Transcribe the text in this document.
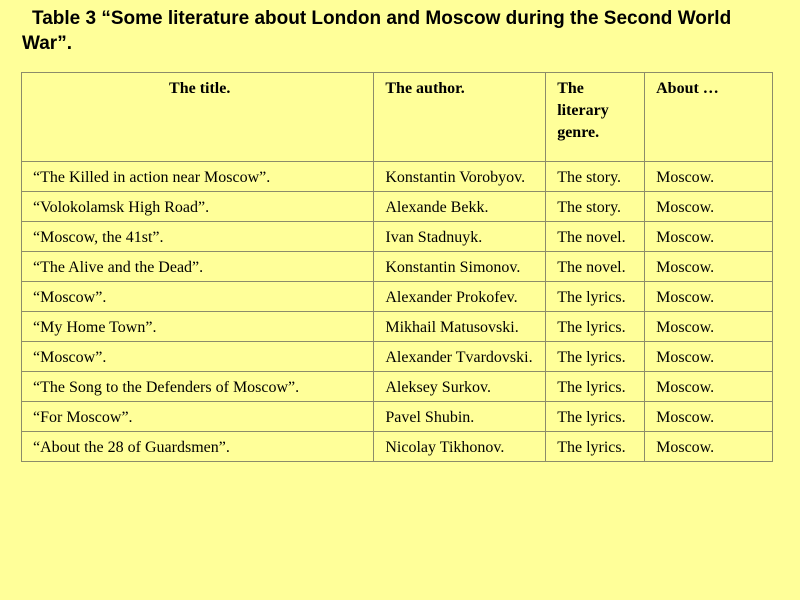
Table 3 “Some literature about London and Moscow during the Second World War”.
The title.	The author.	The literary genre.	About …
“The Killed in action near Moscow”.	Konstantin Vorobyov.	The story.	Moscow.
“Volokolamsk High Road”.	Alexande Bekk.	The story.	Moscow.
“Moscow, the 41st”.	Ivan Stadnuyk.	The novel.	Moscow.
“The Alive and the Dead”.	Konstantin Simonov.	The novel.	Moscow.
“Moscow”.	Alexander Prokofev.	The lyrics.	Moscow.
“My Home Town”.	Mikhail Matusovski.	The lyrics.	Moscow.
“Moscow”.	Alexander Tvardovski.	The lyrics.	Moscow.
“The Song to the Defenders of Moscow”.	Aleksey Surkov.	The lyrics.	Moscow.
“For Moscow”.	Pavel Shubin.	The lyrics.	Moscow.
“About the 28 of Guardsmen”.	Nicolay Tikhonov.	The lyrics.	Moscow.
